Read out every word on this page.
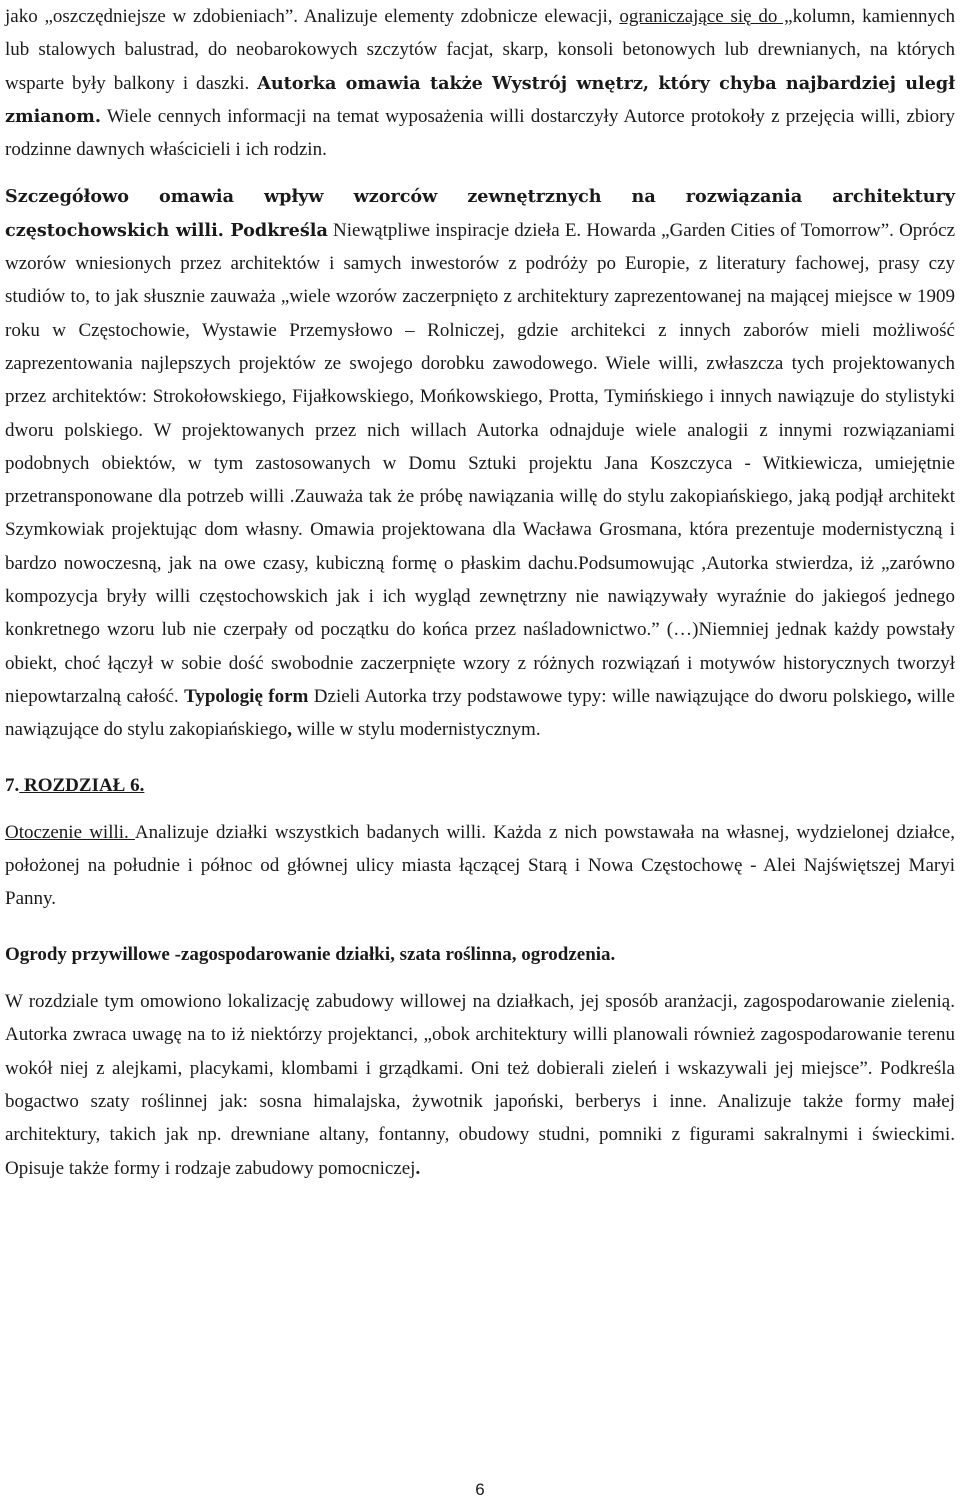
jako „oszczędniejsze w zdobieniach”. Analizuje elementy zdobnicze elewacji, ograniczające się do „kolumn, kamiennych lub stalowych balustrad, do neobarokowych szczytów facjat, skarp, konsoli betonowych lub drewnianych, na których wsparte były balkony i daszki. Autorka omawia także Wystrój wnętrz, który chyba najbardziej uległ zmianom. Wiele cennych informacji na temat wyposażenia willi dostarczyły Autorce protokoły z przejęcia willi, zbiory rodzinne dawnych właścicieli i ich rodzin.

Szczegółowo omawia wpływ wzorców zewnętrznych na rozwiązania architektury częstochowskich willi. Podkreśla Niewątpliwe inspiracje dzieła E. Howarda „Garden Cities of Tomorrow”. Oprócz wzorów wniesionych przez architektów i samych inwestorów z podróży po Europie, z literatury fachowej, prasy czy studiów to, to jak słusznie zauważa „wiele wzorów zaczerpnięto z architektury zaprezentowanej na mającej miejsce w 1909 roku w Częstochowie, Wystawie Przemysłowo – Rolniczej, gdzie architekci z innych zaborów mieli możliwość zaprezentowania najlepszych projektów ze swojego dorobku zawodowego. Wiele willi, zwłaszcza tych projektowanych przez architektów: Strokołowskiego, Fijałkowskiego, Mońkowskiego, Protta, Tymińskiego i innych nawiązuje do stylistyki dworu polskiego. W projektowanych przez nich willach Autorka odnajduje wiele analogii z innymi rozwiązaniami podobnych obiektów, w tym zastosowanych w Domu Sztuki projektu Jana Koszczyca - Witkiewicza, umiejętnie przetransponowane dla potrzeb willi .Zauważa tak że próbę nawiązania willę do stylu zakopiańskiego, jaką podjął architekt Szymkowiak projektując dom własny. Omawia projektowana dla Wacława Grosmana, która prezentuje modernistyczną i bardzo nowoczesną, jak na owe czasy, kubiczną formę o płaskim dachu.Podsumowując ,Autorka stwierdza, iż „zarówno kompozycja bryły willi częstochowskich jak i ich wygląd zewnętrzny nie nawiązywały wyraźnie do jakiegoś jednego konkretnego wzoru lub nie czerpały od początku do końca przez naśladownictwo.” (…)Niemniej jednak każdy powstały obiekt, choć łączył w sobie dość swobodnie zaczerpnięte wzory z różnych rozwiązań i motywów historycznych tworzył niepowtarzalną całość. Typologię form Dzieli Autorka trzy podstawowe typy: wille nawiązujące do dworu polskiego, wille nawiązujące do stylu zakopiańskiego, wille w stylu modernistycznym.

7. ROZDZIAŁ 6.

Otoczenie willi. Analizuje działki wszystkich badanych willi. Każda z nich powstawała na własnej, wydzielonej działce, położonej na południe i północ od głównej ulicy miasta łączącej Starą i Nowa Częstochowę - Alei Najświętszej Maryi Panny.

Ogrody przywillowe -zagospodarowanie działki, szata roślinna, ogrodzenia.

W rozdziale tym omowiono lokalizację zabudowy willowej na działkach, jej sposób aranżacji, zagospodarowanie zielenią. Autorka zwraca uwagę na to iż niektórzy projektanci, „obok architektury willi planowali również zagospodarowanie terenu wokół niej z alejkami, placykami, klombami i grządkami. Oni też dobierali zieleń i wskazywali jej miejsce”. Podkreśla bogactwo szaty roślinnej jak: sosna himalajska, żywotnik japoński, berberys i inne. Analizuje także formy małej architektury, takich jak np. drewniane altany, fontanny, obudowy studni, pomniki z figurami sakralnymi i świeckimi. Opisuje także formy i rodzaje zabudowy pomocniczej.

6
